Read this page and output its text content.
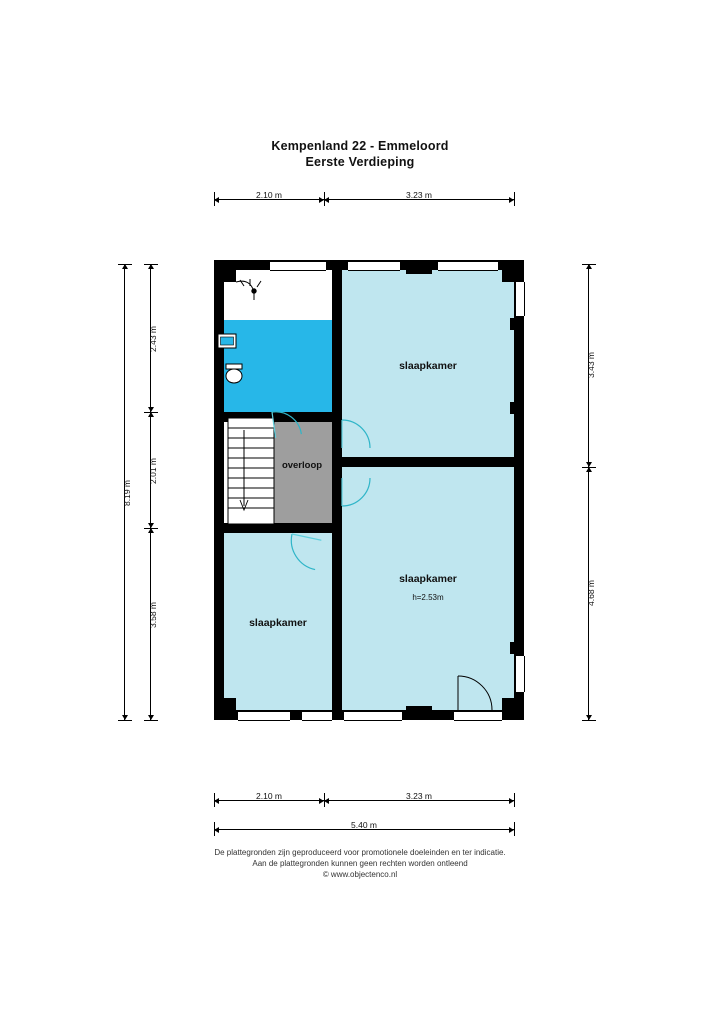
Kempenland 22 - Emmeloord
Eerste Verdieping
2.10 m	3.23 m
8.19 m
2.43 m
2.01 m
3.58 m
3.43 m
4.68 m
2.10 m	3.23 m
5.40 m
slaapkamer
slaapkamer
h=2.53m
slaapkamer
overloop
De plattegronden zijn geproduceerd voor promotionele doeleinden en ter indicatie.
Aan de plattegronden kunnen geen rechten worden ontleend
© www.objectenco.nl
